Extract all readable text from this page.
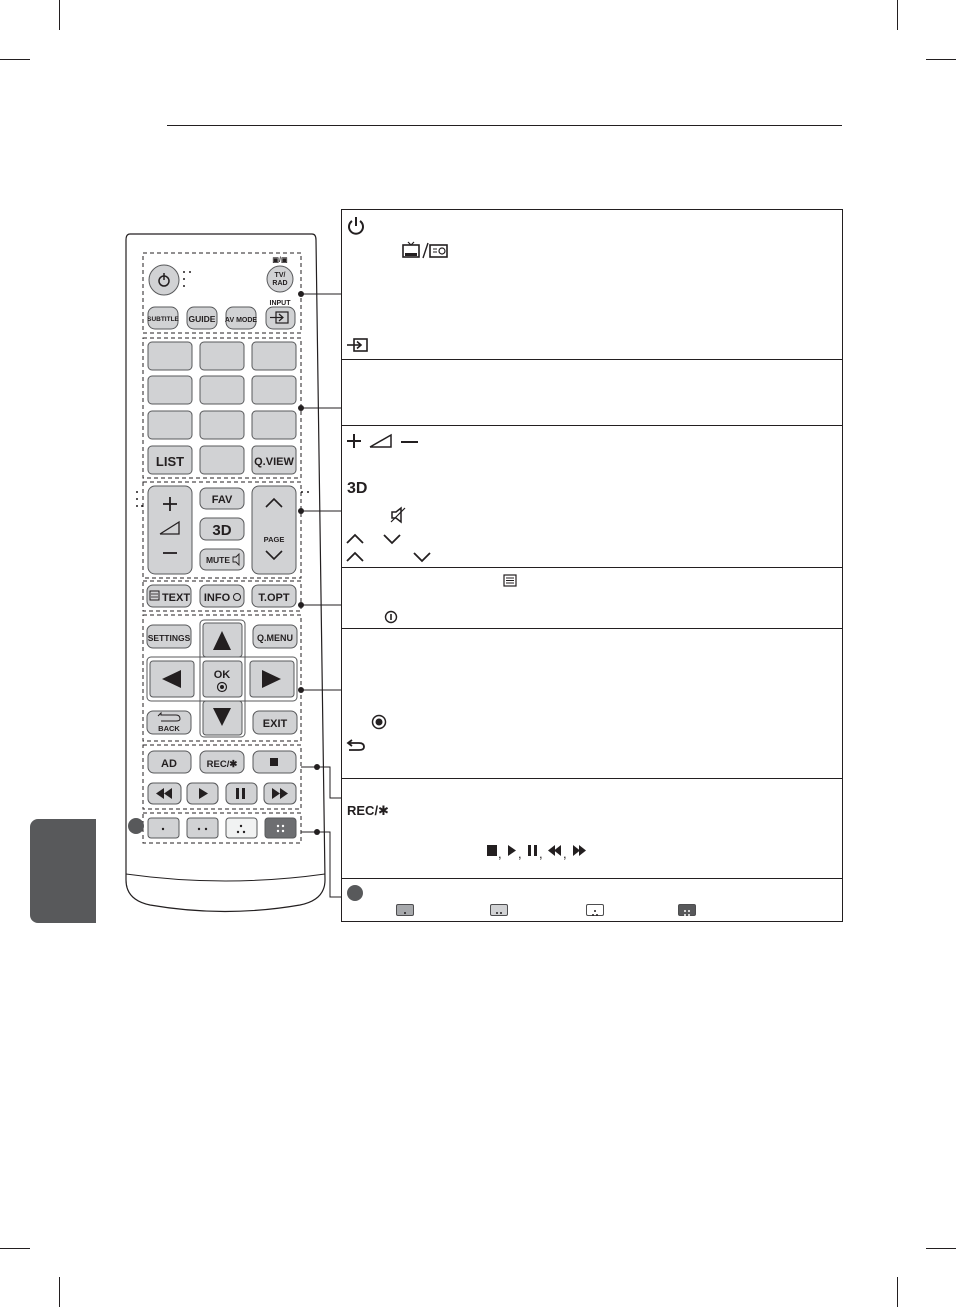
▣/▣
TV/
RAD
SUBTITLE GUIDE AV MODE
INPUT
LIST	Q.VIEW
FAV
3D
MUTE
PAGE
TEXT INFO	T.OPT
SETTINGS	Q.MENU
OK
BACK	EXIT
AD	REC/✱
3D
REC/✱
, , , ,
